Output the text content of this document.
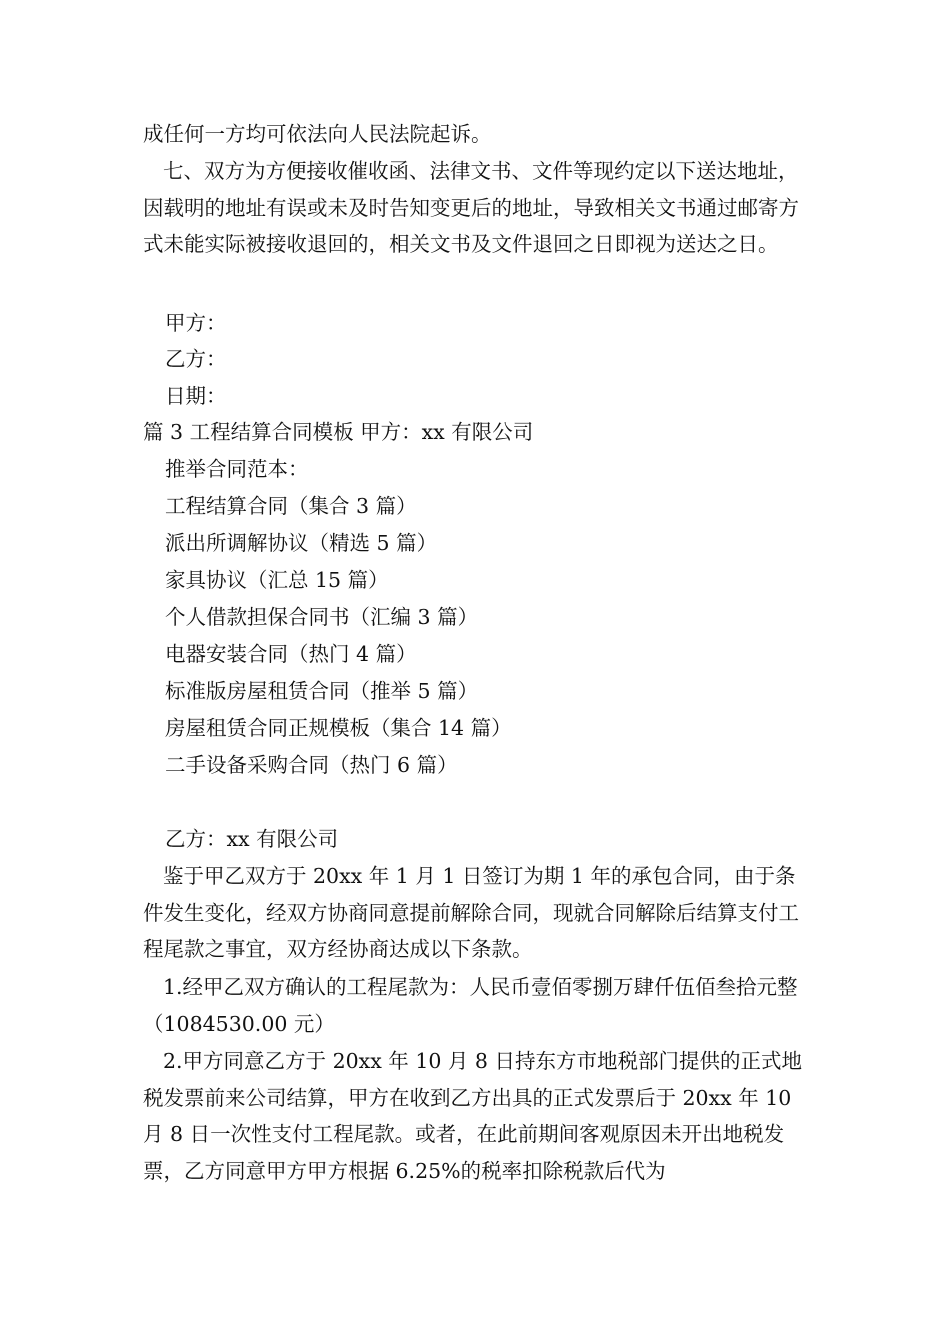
成任何一方均可依法向人民法院起诉。

七、双方为方便接收催收函、法律文书、文件等现约定以下送达地址，因载明的地址有误或未及时告知变更后的地址，导致相关文书通过邮寄方式未能实际被接收退回的，相关文书及文件退回之日即视为送达之日。

甲方：

乙方：

日期：

篇 3 工程结算合同模板 甲方：xx 有限公司

推举合同范本：

工程结算合同（集合 3 篇）

派出所调解协议（精选 5 篇）

家具协议（汇总 15 篇）

个人借款担保合同书（汇编 3 篇）

电器安装合同（热门 4 篇）

标准版房屋租赁合同（推举 5 篇）

房屋租赁合同正规模板（集合 14 篇）

二手设备采购合同（热门 6 篇）

乙方：xx 有限公司

鉴于甲乙双方于 20xx 年 1 月 1 日签订为期 1 年的承包合同，由于条件发生变化，经双方协商同意提前解除合同，现就合同解除后结算支付工程尾款之事宜，双方经协商达成以下条款。

1.经甲乙双方确认的工程尾款为：人民币壹佰零捌万肆仟伍佰叁拾元整（1084530.00 元）

2.甲方同意乙方于 20xx 年 10 月 8 日持东方市地税部门提供的正式地税发票前来公司结算，甲方在收到乙方出具的正式发票后于 20xx 年 10 月 8 日一次性支付工程尾款。或者，在此前期间客观原因未开出地税发票，乙方同意甲方甲方根据 6.25%的税率扣除税款后代为
